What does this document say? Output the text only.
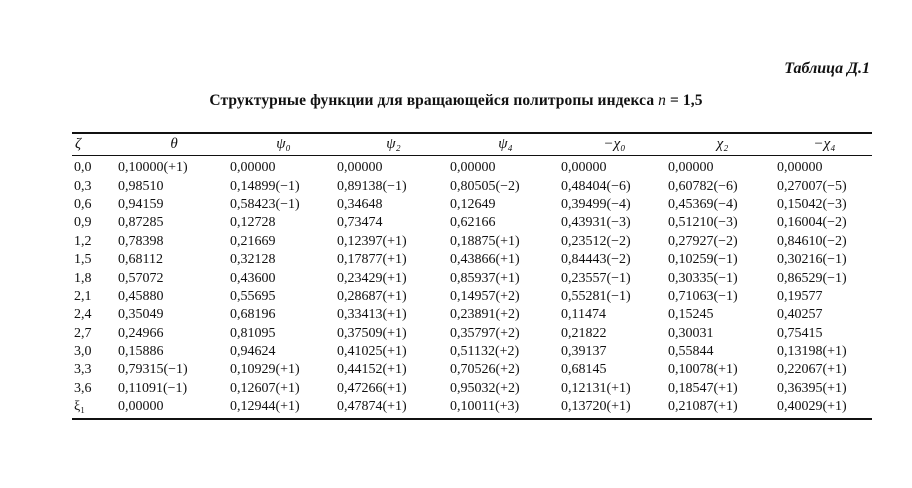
Таблица Д.1
Структурные функции для вращающейся политропы индекса n = 1,5
ζ	θ	ψ₀	ψ₂	ψ₄	−χ₀	χ₂	−χ₄
0,0	0,10000(+1)	0,00000	0,00000	0,00000	0,00000	0,00000	0,00000
0,3	0,98510	0,14899(−1)	0,89138(−1)	0,80505(−2)	0,48404(−6)	0,60782(−6)	0,27007(−5)
0,6	0,94159	0,58423(−1)	0,34648	0,12649	0,39499(−4)	0,45369(−4)	0,15042(−3)
0,9	0,87285	0,12728	0,73474	0,62166	0,43931(−3)	0,51210(−3)	0,16004(−2)
1,2	0,78398	0,21669	0,12397(+1)	0,18875(+1)	0,23512(−2)	0,27927(−2)	0,84610(−2)
1,5	0,68112	0,32128	0,17877(+1)	0,43866(+1)	0,84443(−2)	0,10259(−1)	0,30216(−1)
1,8	0,57072	0,43600	0,23429(+1)	0,85937(+1)	0,23557(−1)	0,30335(−1)	0,86529(−1)
2,1	0,45880	0,55695	0,28687(+1)	0,14957(+2)	0,55281(−1)	0,71063(−1)	0,19577
2,4	0,35049	0,68196	0,33413(+1)	0,23891(+2)	0,11474	0,15245	0,40257
2,7	0,24966	0,81095	0,37509(+1)	0,35797(+2)	0,21822	0,30031	0,75415
3,0	0,15886	0,94624	0,41025(+1)	0,51132(+2)	0,39137	0,55844	0,13198(+1)
3,3	0,79315(−1)	0,10929(+1)	0,44152(+1)	0,70526(+2)	0,68145	0,10078(+1)	0,22067(+1)
3,6	0,11091(−1)	0,12607(+1)	0,47266(+1)	0,95032(+2)	0,12131(+1)	0,18547(+1)	0,36395(+1)
ξ₁	0,00000	0,12944(+1)	0,47874(+1)	0,10011(+3)	0,13720(+1)	0,21087(+1)	0,40029(+1)
